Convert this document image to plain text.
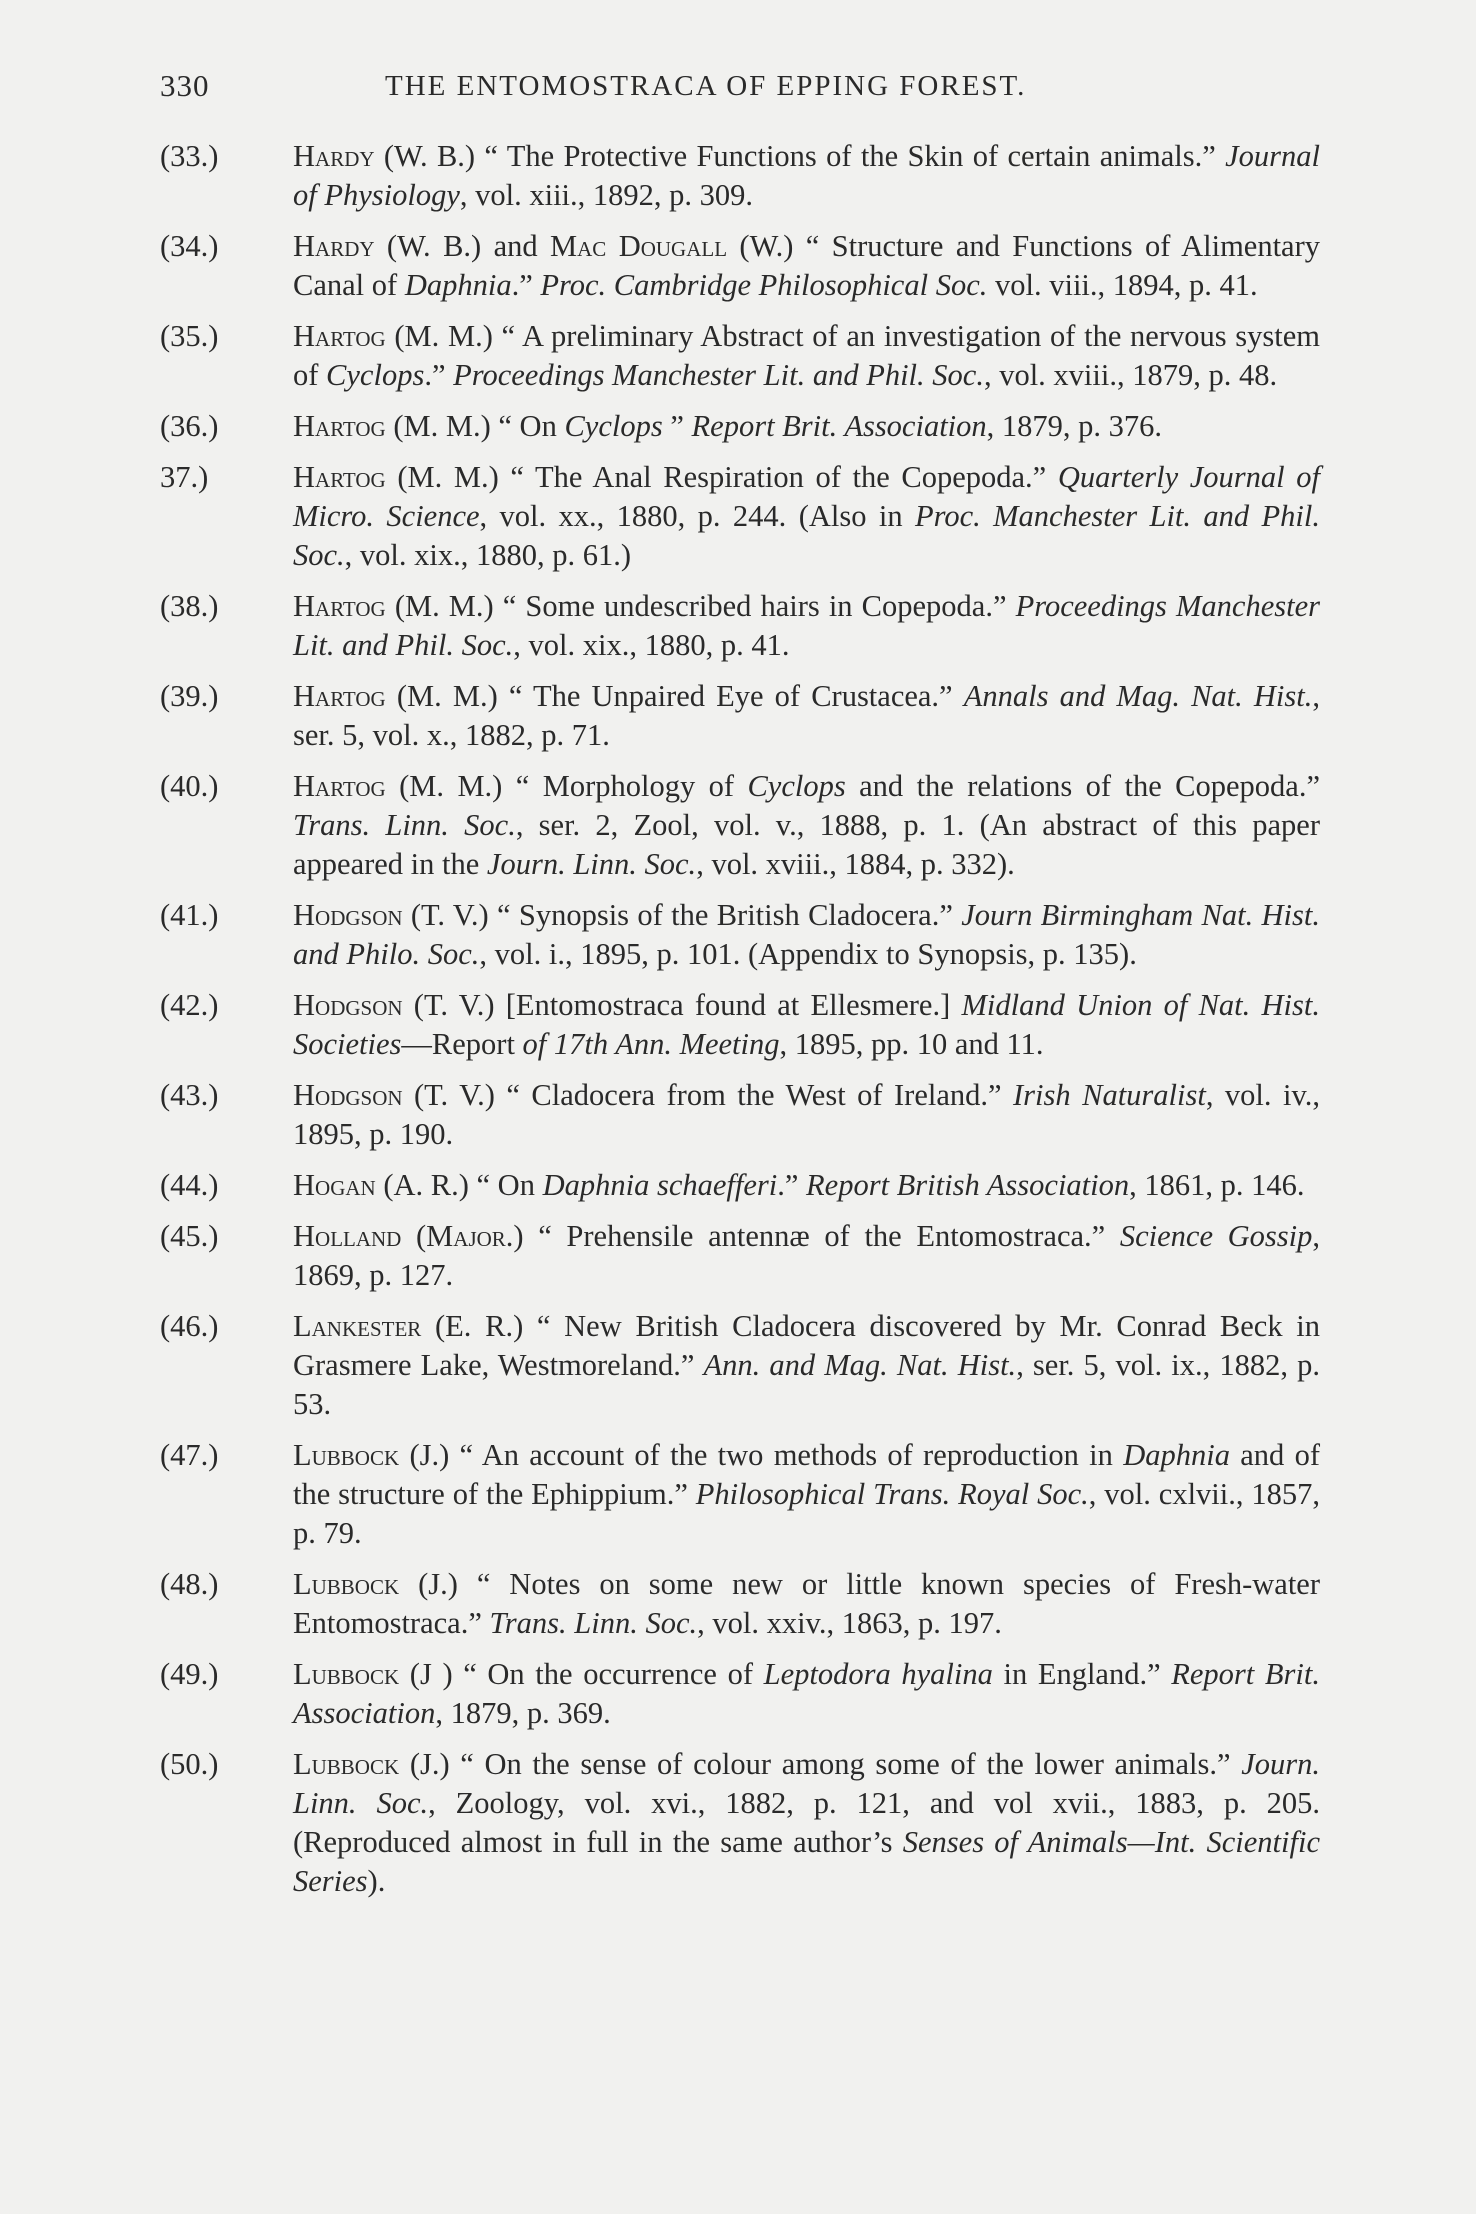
330	THE ENTOMOSTRACA OF EPPING FOREST.
(33.) Hardy (W. B.) “ The Protective Functions of the Skin of certain animals.” Journal of Physiology, vol. xiii., 1892, p. 309.
(34.) Hardy (W. B.) and Mac Dougall (W.) “ Structure and Functions of Alimentary Canal of Daphnia.” Proc. Cambridge Philosophical Soc. vol. viii., 1894, p. 41.
(35.) Hartog (M. M.) “ A preliminary Abstract of an investigation of the nervous system of Cyclops.” Proceedings Manchester Lit. and Phil. Soc., vol. xviii., 1879, p. 48.
(36.) Hartog (M. M.) “ On Cyclops ” Report Brit. Association, 1879, p. 376.
37.)	Hartog (M. M.) “ The Anal Respiration of the Copepoda.” Quarterly Journal of Micro. Science, vol. xx., 1880, p. 244. (Also in Proc. Manchester Lit. and Phil. Soc., vol. xix., 1880, p. 61.)
(38.) Hartog (M. M.) “ Some undescribed hairs in Copepoda.” Proceedings Manchester Lit. and Phil. Soc., vol. xix., 1880, p. 41.
(39.) Hartog (M. M.) “ The Unpaired Eye of Crustacea.” Annals and Mag. Nat. Hist., ser. 5, vol. x., 1882, p. 71.
(40.) Hartog (M. M.) “ Morphology of Cyclops and the relations of the Copepoda.” Trans. Linn. Soc., ser. 2, Zool, vol. v., 1888, p. 1. (An abstract of this paper appeared in the Journ. Linn. Soc., vol. xviii., 1884, p. 332).
(41.) Hodgson (T. V.) “ Synopsis of the British Cladocera.” Journ Birmingham Nat. Hist. and Philo. Soc., vol. i., 1895, p. 101. (Appendix to Synopsis, p. 135).
(42.) Hodgson (T. V.) [Entomostraca found at Ellesmere.] Midland Union of Nat. Hist. Societies—Report of 17th Ann. Meeting, 1895, pp. 10 and 11.
(43.) Hodgson (T. V.) “ Cladocera from the West of Ireland.” Irish Naturalist, vol. iv., 1895, p. 190.
(44.) Hogan (A. R.) “ On Daphnia schaefferi.” Report British Association, 1861, p. 146.
(45.) Holland (Major.) “ Prehensile antennæ of the Entomostraca.” Science Gossip, 1869, p. 127.
(46.) Lankester (E. R.) “ New British Cladocera discovered by Mr. Conrad Beck in Grasmere Lake, Westmoreland.” Ann. and Mag. Nat. Hist., ser. 5, vol. ix., 1882, p. 53.
(47.) Lubbock (J.) “ An account of the two methods of reproduction in Daphnia and of the structure of the Ephippium.” Philosophical Trans. Royal Soc., vol. cxlvii., 1857, p. 79.
(48.) Lubbock (J.) “ Notes on some new or little known species of Fresh-water Entomostraca.” Trans. Linn. Soc., vol. xxiv., 1863, p. 197.
(49.) Lubbock (J ) “ On the occurrence of Leptodora hyalina in England.” Report Brit. Association, 1879, p. 369.
(50.) Lubbock (J.) “ On the sense of colour among some of the lower animals.” Journ. Linn. Soc., Zoology, vol. xvi., 1882, p. 121, and vol xvii., 1883, p. 205. (Reproduced almost in full in the same author’s Senses of Animals—Int. Scientific Series).
